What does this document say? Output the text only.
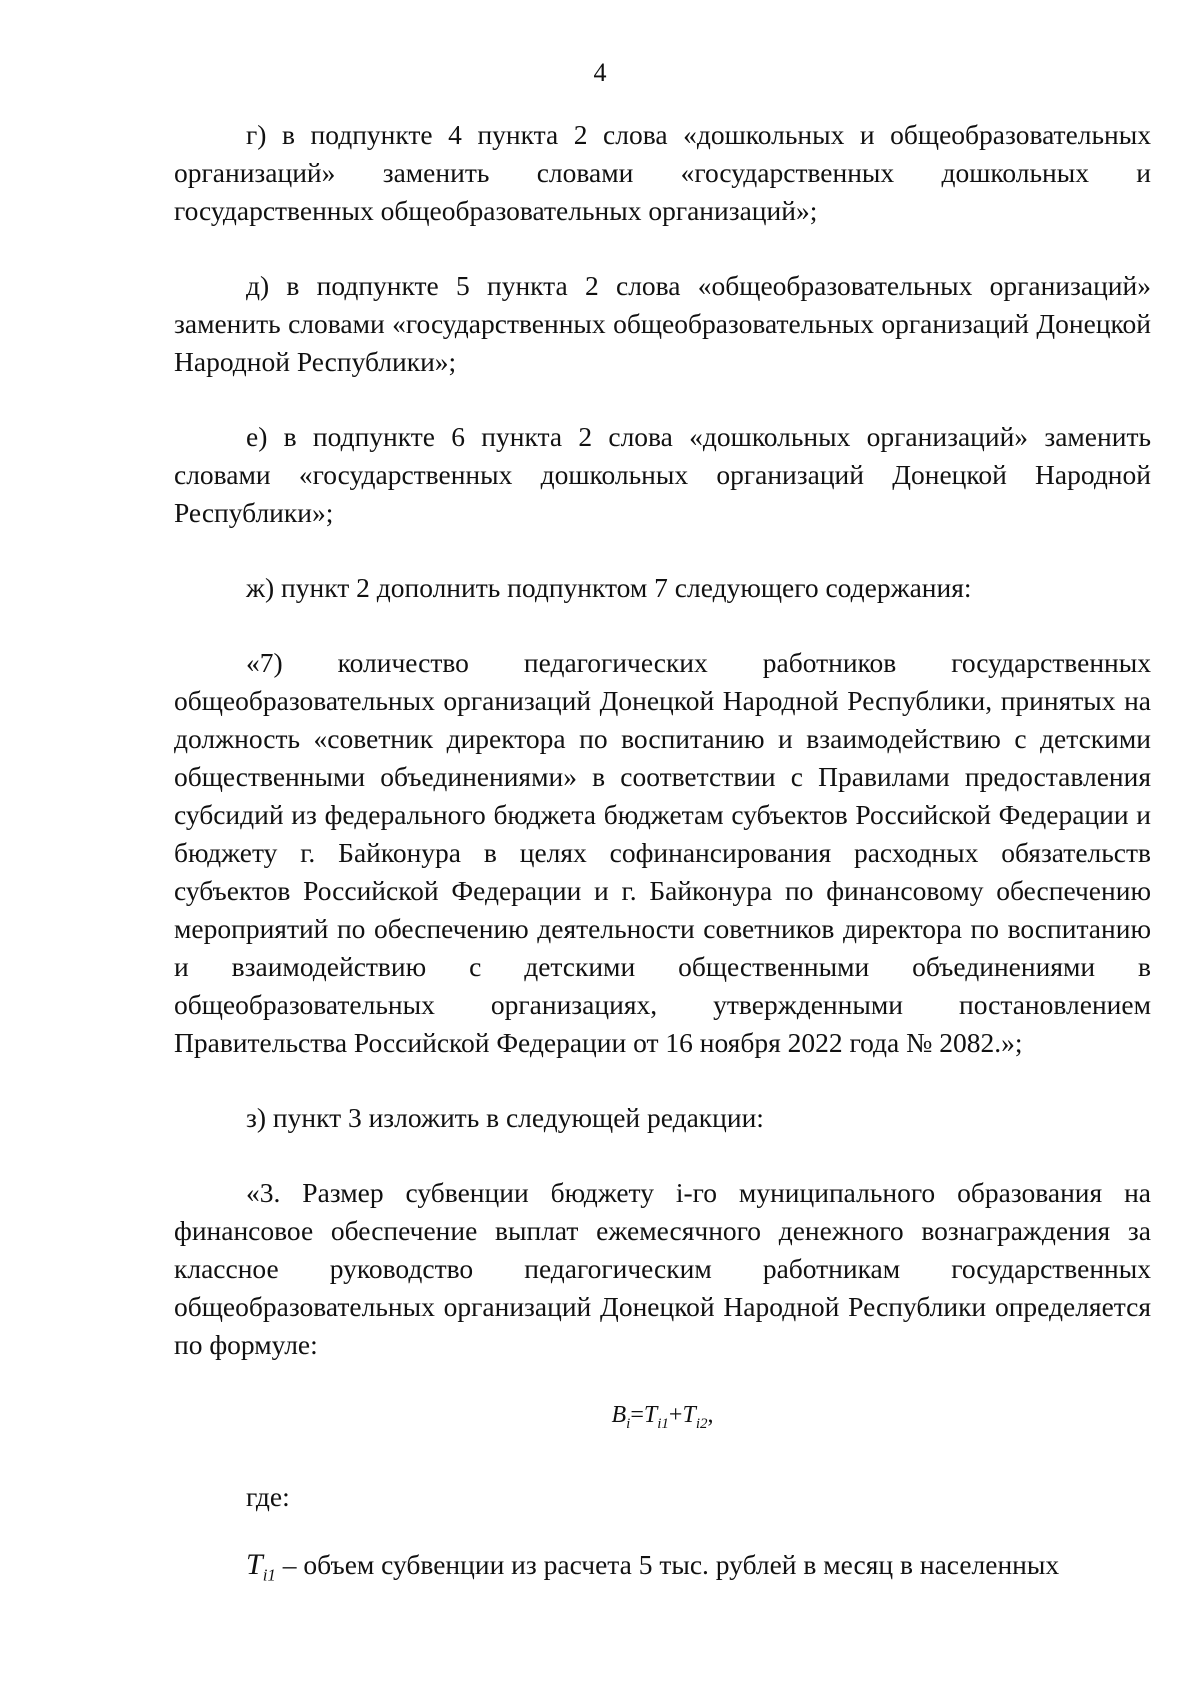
4

г) в подпункте 4 пункта 2 слова «дошкольных и общеобразовательных организаций» заменить словами «государственных дошкольных и государственных общеобразовательных организаций»;

д) в подпункте 5 пункта 2 слова «общеобразовательных организаций» заменить словами «государственных общеобразовательных организаций Донецкой Народной Республики»;

е) в подпункте 6 пункта 2 слова «дошкольных организаций» заменить словами «государственных дошкольных организаций Донецкой Народной Республики»;

ж) пункт 2 дополнить подпунктом 7 следующего содержания:

«7) количество педагогических работников государственных общеобразовательных организаций Донецкой Народной Республики, принятых на должность «советник директора по воспитанию и взаимодействию с детскими общественными объединениями» в соответствии с Правилами предоставления субсидий из федерального бюджета бюджетам субъектов Российской Федерации и бюджету г. Байконура в целях софинансирования расходных обязательств субъектов Российской Федерации и г. Байконура по финансовому обеспечению мероприятий по обеспечению деятельности советников директора по воспитанию и взаимодействию с детскими общественными объединениями в общеобразовательных организациях, утвержденными постановлением Правительства Российской Федерации от 16 ноября 2022 года № 2082.»;

з) пункт 3 изложить в следующей редакции:

«3. Размер субвенции бюджету i-го муниципального образования на финансовое обеспечение выплат ежемесячного денежного вознаграждения за классное руководство педагогическим работникам государственных общеобразовательных организаций Донецкой Народной Республики определяется по формуле:

$B_i=T_{i1}+T_{i2}$,

где:

$T_{i1}$ – объем субвенции из расчета 5 тыс. рублей в месяц в населенных
